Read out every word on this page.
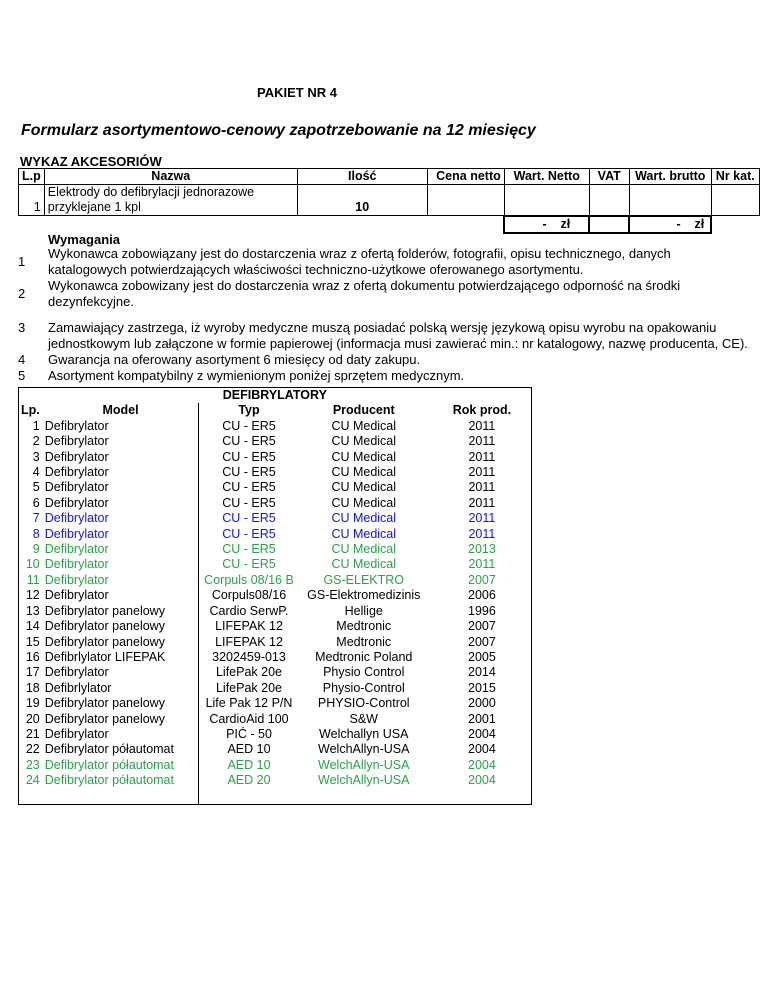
PAKIET NR 4
Formularz asortymentowo-cenowy zapotrzebowanie na 12 miesięcy
WYKAZ AKCESORIÓW
L.p	Nazwa	Ilość	Cena netto	Wart. Netto	VAT	Wart. brutto	Nr kat.
1	Elektrody do defibrylacji jednorazowe
przyklejane 1 kpl	10					
				- zł		- zł	
Wymagania
1
Wykonawca zobowiązany jest do dostarczenia wraz z ofertą folderów, fotografii, opisu technicznego, danych
katalogowych potwierdzających właściwości techniczno-użytkowe oferowanego asortymentu.
2
Wykonawca zobowizany jest do dostarczenia wraz z ofertą dokumentu potwierdzającego odporność na środki
dezynfekcyjne.
3	Zamawiający zastrzega, iż wyroby medyczne muszą posiadać polską wersję językową opisu wyrobu na opakowaniu
jednostkowym lub załączone w formie papierowej (informacja musi zawierać min.: nr katalogowy, nazwę producenta, CE).
4	Gwarancja na oferowany asortyment 6 miesięcy od daty zakupu.
5	Asortyment kompatybilny z wymienionym poniżej sprzętem medycznym.
		DEFIBRYLATORY				
Lp.	Model	Typ	Producent		Rok prod.	
1	Defibrylator	CU - ER5	CU Medical		2011	
2	Defibrylator	CU - ER5	CU Medical		2011	
3	Defibrylator	CU - ER5	CU Medical		2011	
4	Defibrylator	CU - ER5	CU Medical		2011	
5	Defibrylator	CU - ER5	CU Medical		2011	
6	Defibrylator	CU - ER5	CU Medical		2011	
7	Defibrylator	CU - ER5	CU Medical		2011	
8	Defibrylator	CU - ER5	CU Medical		2011	
9	Defibrylator	CU - ER5	CU Medical		2013	
10	Defibrylator	CU - ER5	CU Medical		2011	
11	Defibrylator	Corpuls 08/16 B	GS-ELEKTRO		2007	
12	Defibrylator	Corpuls08/16	GS-Elektromedizinis		2006	
13	Defibrylator panelowy	Cardio SerwP.	Hellige		1996	
14	Defibrylator panelowy	LIFEPAK 12	Medtronic		2007	
15	Defibrylator panelowy	LIFEPAK 12	Medtronic		2007	
16	Defibrlylator LIFEPAK	3202459-013	Medtronic Poland		2005	
17	Defibrylator	LifePak 20e	Physio Control		2014	
18	Defibrlylator	LifePak 20e	Physio-Control		2015	
19	Defibrylator panelowy	Life Pak 12 P/N	PHYSIO-Control		2000	
20	Defibrylator panelowy	CardioAid 100	S&W		2001	
21	Defibrylator	PIĆ - 50	Welchallyn USA		2004	
22	Defibrylator półautomat	AED 10	WelchAllyn-USA		2004	
23	Defibrylator półautomat	AED 10	WelchAllyn-USA		2004	
24	Defibrylator półautomat	AED 20	WelchAllyn-USA		2004	
